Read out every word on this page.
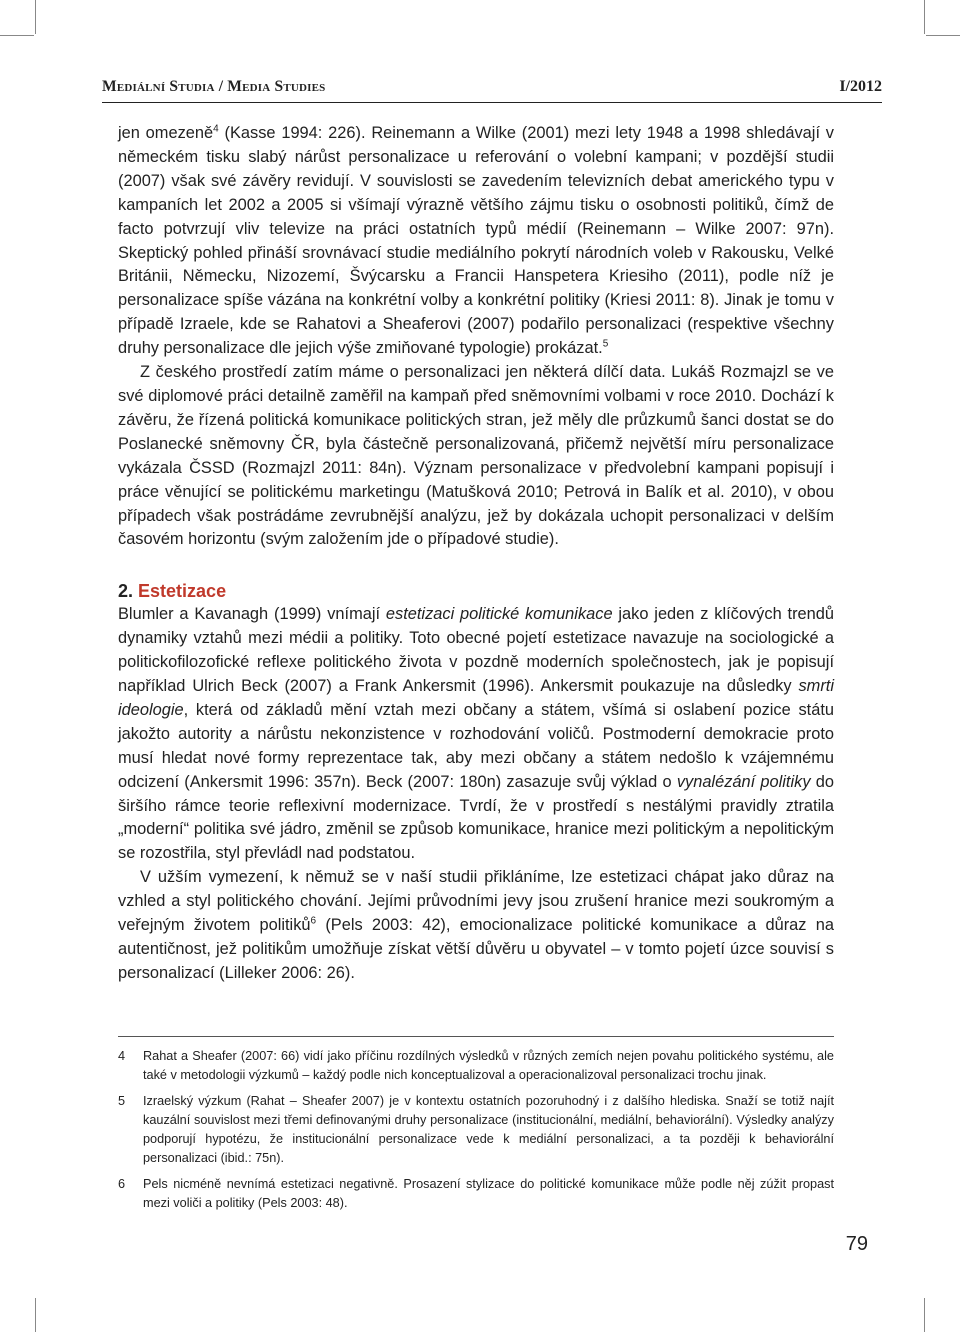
Mediální Studia / Media Studies	I/2012

jen omezeně$^4$ (Kasse 1994: 226). Reinemann a Wilke (2001) mezi lety 1948 a 1998 shledávají v německém tisku slabý nárůst personalizace u referování o volební kampani; v pozdější studii (2007) však své závěry revidují. V souvislosti se zavedením televizních debat amerického typu v kampaních let 2002 a 2005 si všímají výrazně většího zájmu tisku o osobnosti politiků, čímž de facto potvrzují vliv televize na práci ostatních typů médií (Reinemann – Wilke 2007: 97n). Skeptický pohled přináší srovnávací studie mediálního pokrytí národních voleb v Rakousku, Velké Británii, Německu, Nizozemí, Švýcarsku a Francii Hanspetera Kriesiho (2011), podle níž je personalizace spíše vázána na konkrétní volby a konkrétní politiky (Kriesi 2011: 8). Jinak je tomu v případě Izraele, kde se Rahatovi a Sheaferovi (2007) podařilo personalizaci (respektive všechny druhy personalizace dle jejich výše zmiňované typologie) prokázat.$^5$

Z českého prostředí zatím máme o personalizaci jen některá dílčí data. Lukáš Rozmajzl se ve své diplomové práci detailně zaměřil na kampaň před sněmovními volbami v roce 2010. Dochází k závěru, že řízená politická komunikace politických stran, jež měly dle průzkumů šanci dostat se do Poslanecké sněmovny ČR, byla částečně personalizovaná, přičemž největší míru personalizace vykázala ČSSD (Rozmajzl 2011: 84n). Význam personalizace v předvolební kampani popisují i práce věnující se politickému marketingu (Matušková 2010; Petrová in Balík et al. 2010), v obou případech však postrádáme zevrubnější analýzu, jež by dokázala uchopit personalizaci v delším časovém horizontu (svým založením jde o případové studie).

2. Estetizace

Blumler a Kavanagh (1999) vnímají estetizaci politické komunikace jako jeden z klíčových trendů dynamiky vztahů mezi médii a politiky. Toto obecné pojetí estetizace navazuje na sociologické a politickofilozofické reflexe politického života v pozdně moderních společnostech, jak je popisují například Ulrich Beck (2007) a Frank Ankersmit (1996). Ankersmit poukazuje na důsledky smrti ideologie, která od základů mění vztah mezi občany a státem, všímá si oslabení pozice státu jakožto autority a nárůstu nekonzistence v rozhodování voličů. Postmoderní demokracie proto musí hledat nové formy reprezentace tak, aby mezi občany a státem nedošlo k vzájemnému odcizení (Ankersmit 1996: 357n). Beck (2007: 180n) zasazuje svůj výklad o vynalézání politiky do širšího rámce teorie reflexivní modernizace. Tvrdí, že v prostředí s nestálými pravidly ztratila „moderní“ politika své jádro, změnil se způsob komunikace, hranice mezi politickým a nepolitickým se rozostřila, styl převládl nad podstatou.

V užším vymezení, k němuž se v naší studii přikláníme, lze estetizaci chápat jako důraz na vzhled a styl politického chování. Jejími průvodními jevy jsou zrušení hranice mezi soukromým a veřejným životem politiků$^6$ (Pels 2003: 42), emocionalizace politické komunikace a důraz na autentičnost, jež politikům umožňuje získat větší důvěru u obyvatel – v tomto pojetí úzce souvisí s personalizací (Lilleker 2006: 26).

4	Rahat a Sheafer (2007: 66) vidí jako příčinu rozdílných výsledků v různých zemích nejen povahu politického systému, ale také v metodologii výzkumů – každý podle nich konceptualizoval a operacionalizoval personalizaci trochu jinak.
5	Izraelský výzkum (Rahat – Sheafer 2007) je v kontextu ostatních pozoruhodný i z dalšího hlediska. Snaží se totiž najít kauzální souvislost mezi třemi definovanými druhy personalizace (institucionální, mediální, behaviorální). Výsledky analýzy podporují hypotézu, že institucionální personalizace vede k mediální personalizaci, a ta později k behaviorální personalizaci (ibid.: 75n).
6	Pels nicméně nevnímá estetizaci negativně. Prosazení stylizace do politické komunikace může podle něj zúžit propast mezi voliči a politiky (Pels 2003: 48).
79
